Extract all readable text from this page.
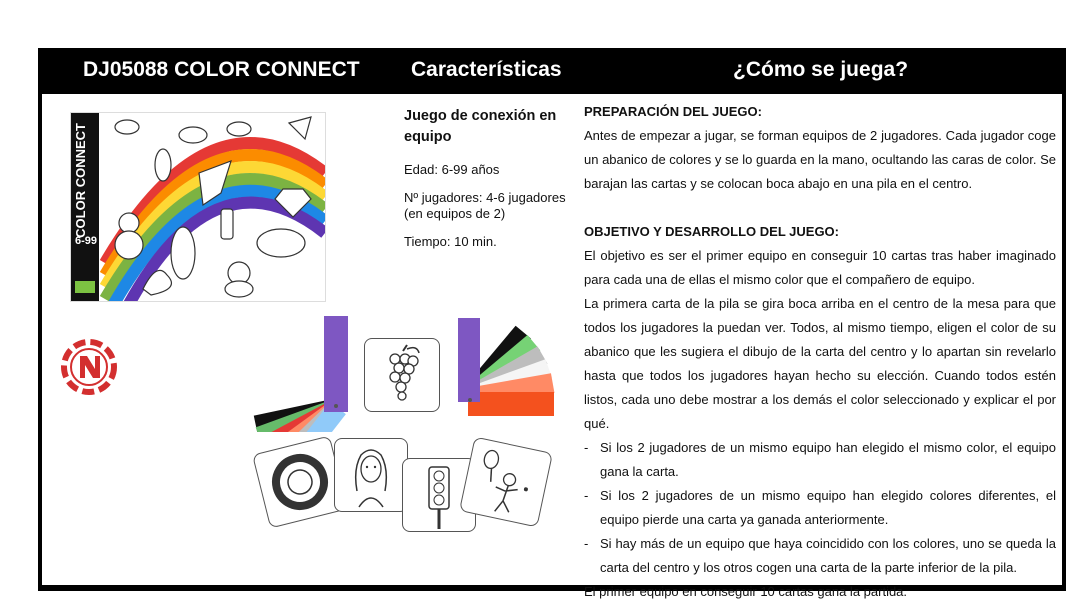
DJ05088 COLOR CONNECT Características	¿Cómo se juega?
COLOR CONNECT
6-99
Juego de conexión en equipo

Edad: 6-99 años

Nº jugadores: 4-6 jugadores (en equipos de 2)

Tiempo: 10 min.

PREPARACIÓN DEL JUEGO:

Antes de empezar a jugar, se forman equipos de 2 jugadores. Cada jugador coge un abanico de colores y se lo guarda en la mano, ocultando las caras de color. Se barajan las cartas y se colocan boca abajo en una pila en el centro.

OBJETIVO Y DESARROLLO DEL JUEGO:

El objetivo es ser el primer equipo en conseguir 10 cartas tras haber imaginado para cada una de ellas el mismo color que el compañero de equipo.

La primera carta de la pila se gira boca arriba en el centro de la mesa para que todos los jugadores la puedan ver. Todos, al mismo tiempo, eligen el color de su abanico que les sugiera el dibujo de la carta del centro y lo apartan sin revelarlo hasta que todos los jugadores hayan hecho su elección. Cuando todos estén listos, cada uno debe mostrar a los demás el color seleccionado y explicar el por qué.

- Si los 2 jugadores de un mismo equipo han elegido el mismo color, el equipo gana la carta.

- Si los 2 jugadores de un mismo equipo han elegido colores diferentes, el equipo pierde una carta ya ganada anteriormente.

- Si hay más de un equipo que haya coincidido con los colores, uno se queda la carta del centro y los otros cogen una carta de la parte inferior de la pila.

El primer equipo en conseguir 10 cartas gana la partida.
